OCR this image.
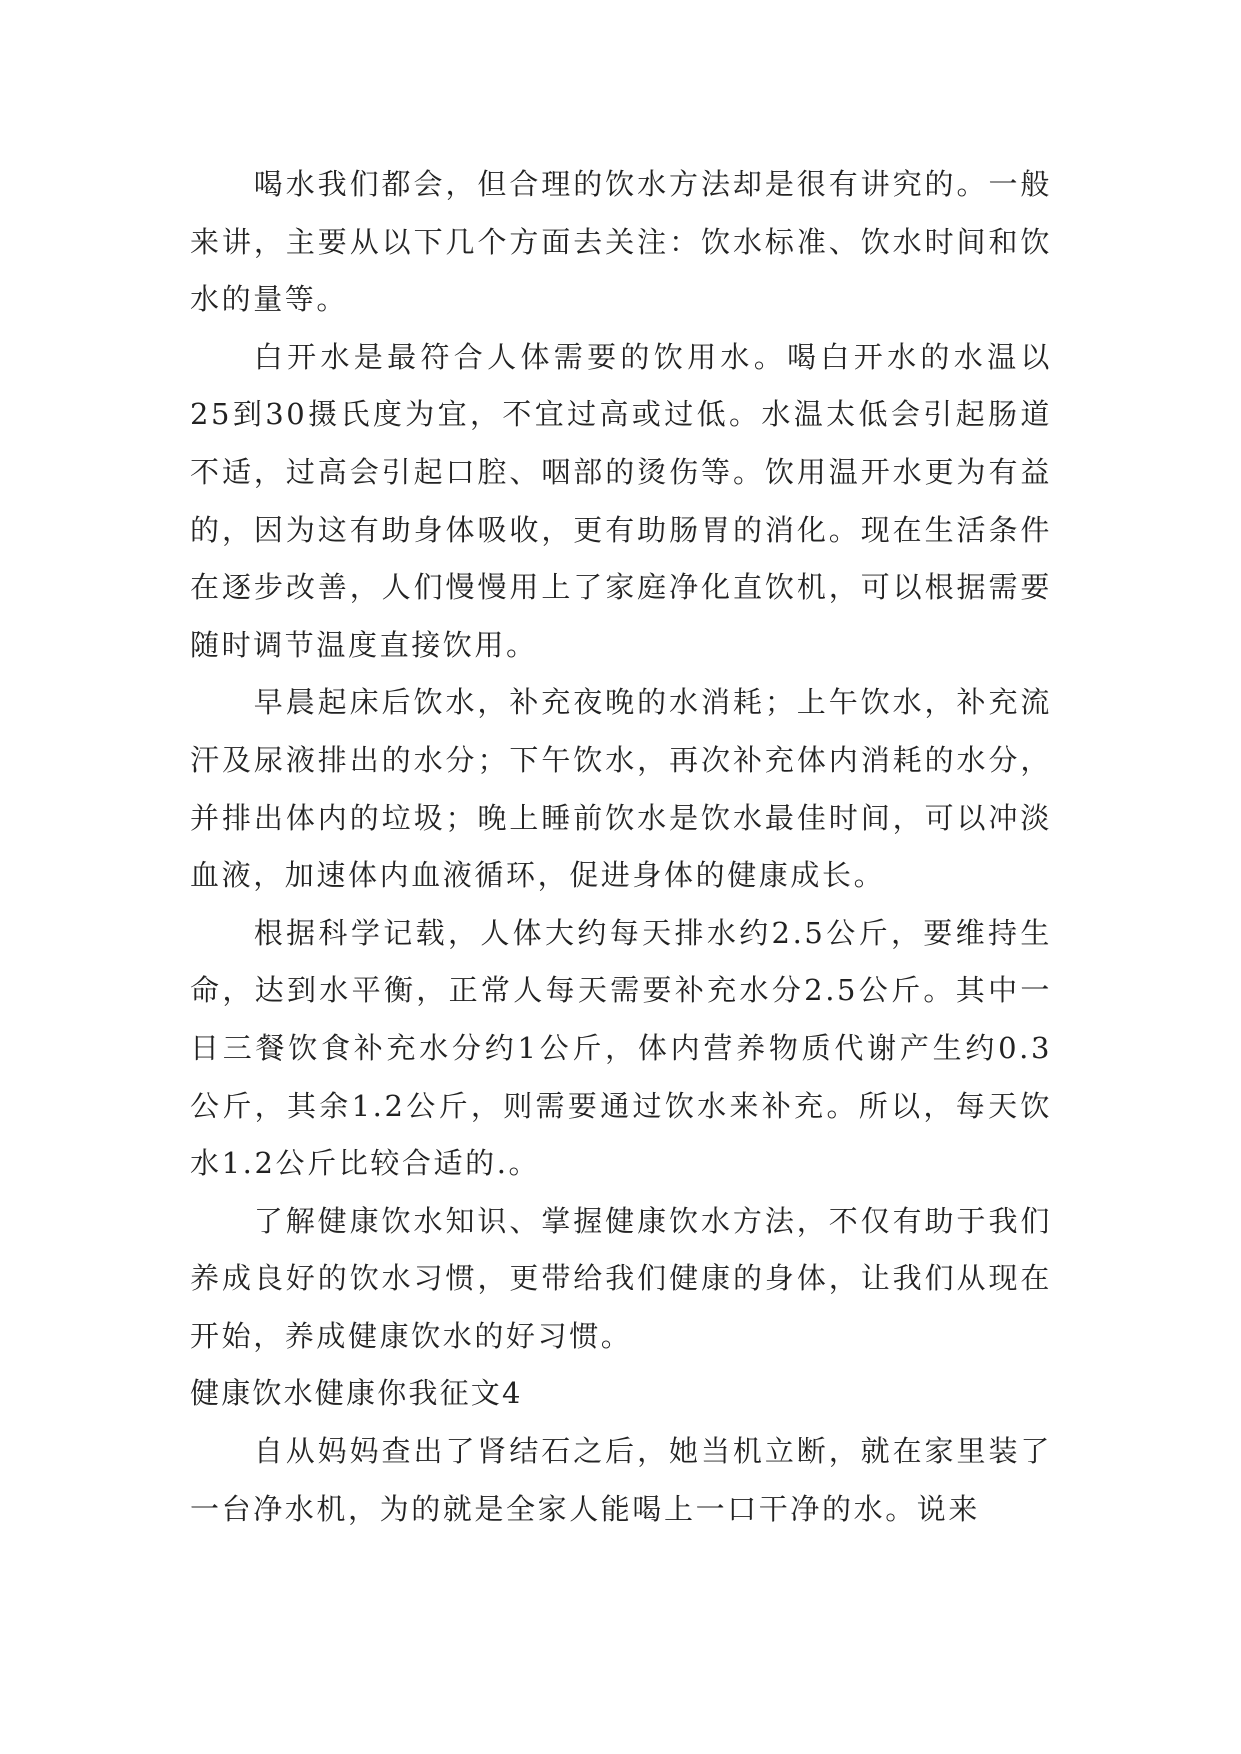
喝水我们都会，但合理的饮水方法却是很有讲究的。一般来讲，主要从以下几个方面去关注：饮水标准、饮水时间和饮水的量等。

白开水是最符合人体需要的饮用水。喝白开水的水温以25到30摄氏度为宜，不宜过高或过低。水温太低会引起肠道不适，过高会引起口腔、咽部的烫伤等。饮用温开水更为有益的，因为这有助身体吸收，更有助肠胃的消化。现在生活条件在逐步改善，人们慢慢用上了家庭净化直饮机，可以根据需要随时调节温度直接饮用。

早晨起床后饮水，补充夜晚的水消耗；上午饮水，补充流汗及尿液排出的水分；下午饮水，再次补充体内消耗的水分，并排出体内的垃圾；晚上睡前饮水是饮水最佳时间，可以冲淡血液，加速体内血液循环，促进身体的健康成长。

根据科学记载，人体大约每天排水约2.5公斤，要维持生命，达到水平衡，正常人每天需要补充水分2.5公斤。其中一日三餐饮食补充水分约1公斤，体内营养物质代谢产生约0.3公斤，其余1.2公斤，则需要通过饮水来补充。所以，每天饮水1.2公斤比较合适的.。

了解健康饮水知识、掌握健康饮水方法，不仅有助于我们养成良好的饮水习惯，更带给我们健康的身体，让我们从现在开始，养成健康饮水的好习惯。

健康饮水健康你我征文4

自从妈妈查出了肾结石之后，她当机立断，就在家里装了一台净水机，为的就是全家人能喝上一口干净的水。说来
